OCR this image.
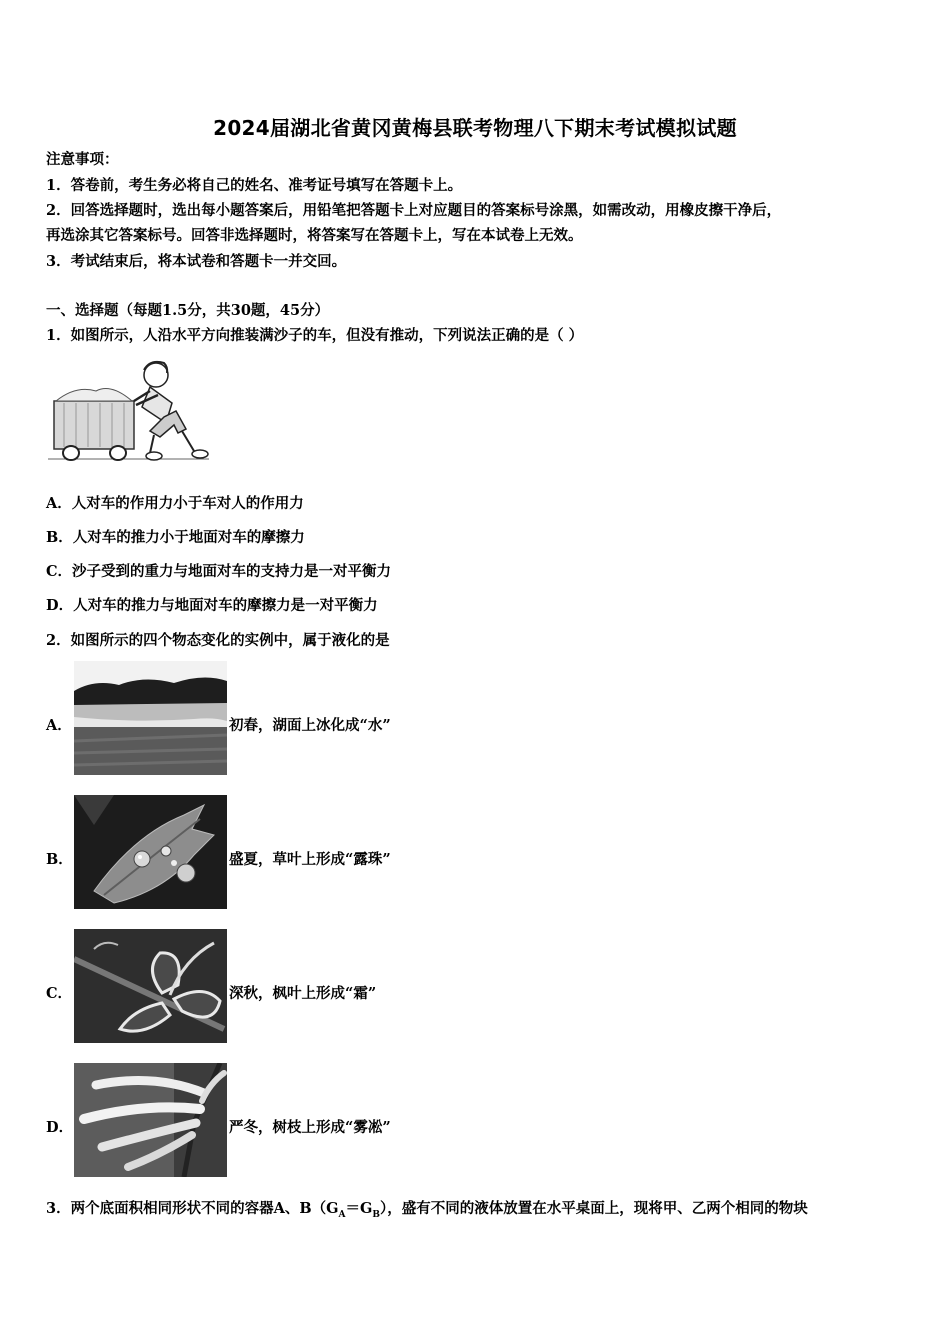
2024届湖北省黄冈黄梅县联考物理八下期末考试模拟试题
注意事项：
1．答卷前，考生务必将自己的姓名、准考证号填写在答题卡上。
2．回答选择题时，选出每小题答案后，用铅笔把答题卡上对应题目的答案标号涂黑，如需改动，用橡皮擦干净后，
再选涂其它答案标号。回答非选择题时，将答案写在答题卡上，写在本试卷上无效。
3．考试结束后，将本试卷和答题卡一并交回。
一、选择题（每题1.5分，共30题，45分）
1．如图所示，人沿水平方向推装满沙子的车，但没有推动，下列说法正确的是（ ）
A．人对车的作用力小于车对人的作用力
B．人对车的推力小于地面对车的摩擦力
C．沙子受到的重力与地面对车的支持力是一对平衡力
D．人对车的推力与地面对车的摩擦力是一对平衡力
2．如图所示的四个物态变化的实例中，属于液化的是
A．	初春，湖面上冰化成“水”
B．	盛夏，草叶上形成“露珠”
C．	深秋，枫叶上形成“霜”
D．	严冬，树枝上形成“雾凇”
3．两个底面积相同形状不同的容器A、$B(G_A=G_B)$，盛有不同的液体放置在水平桌面上，现将甲、乙两个相同的物块
